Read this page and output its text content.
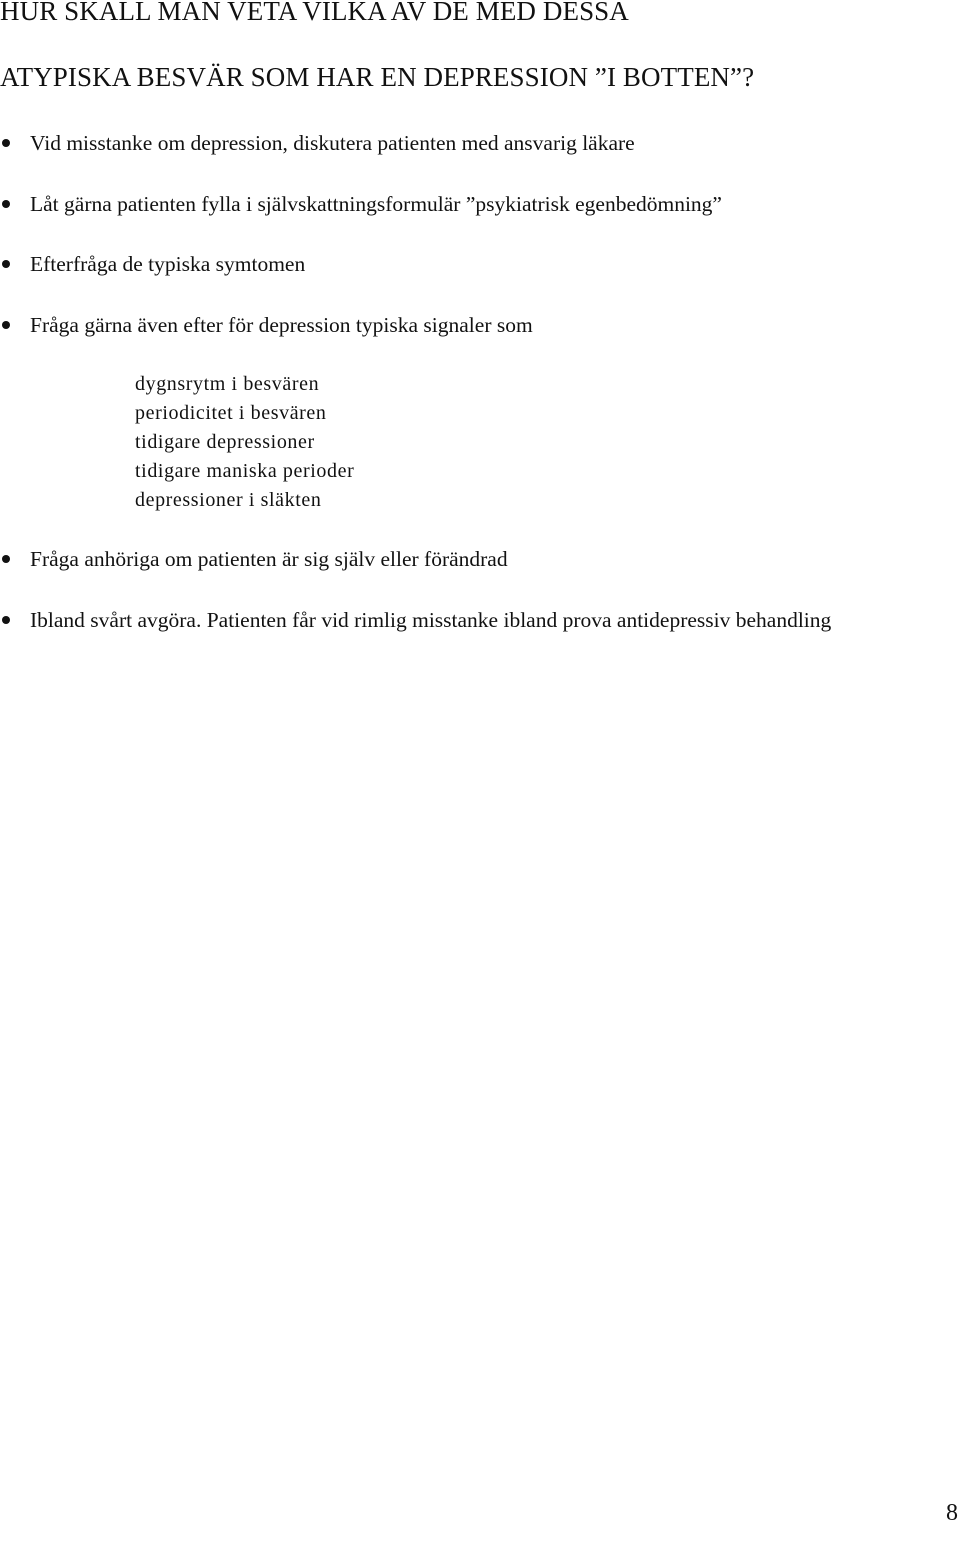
HUR SKALL MAN VETA VILKA AV DE MED DESSA
ATYPISKA BESVÄR SOM HAR EN DEPRESSION ”I BOTTEN”?
Vid misstanke om depression, diskutera patienten med ansvarig läkare
Låt gärna patienten fylla i självskattningsformulär ”psykiatrisk egenbedömning”
Efterfråga de typiska symtomen
Fråga gärna även efter för depression typiska signaler som
dygnsrytm i besvären
periodicitet i besvären
tidigare depressioner
tidigare maniska perioder
depressioner i släkten
Fråga anhöriga om patienten är sig själv eller förändrad
Ibland svårt avgöra. Patienten får vid rimlig misstanke ibland prova antidepressiv behandling
8
